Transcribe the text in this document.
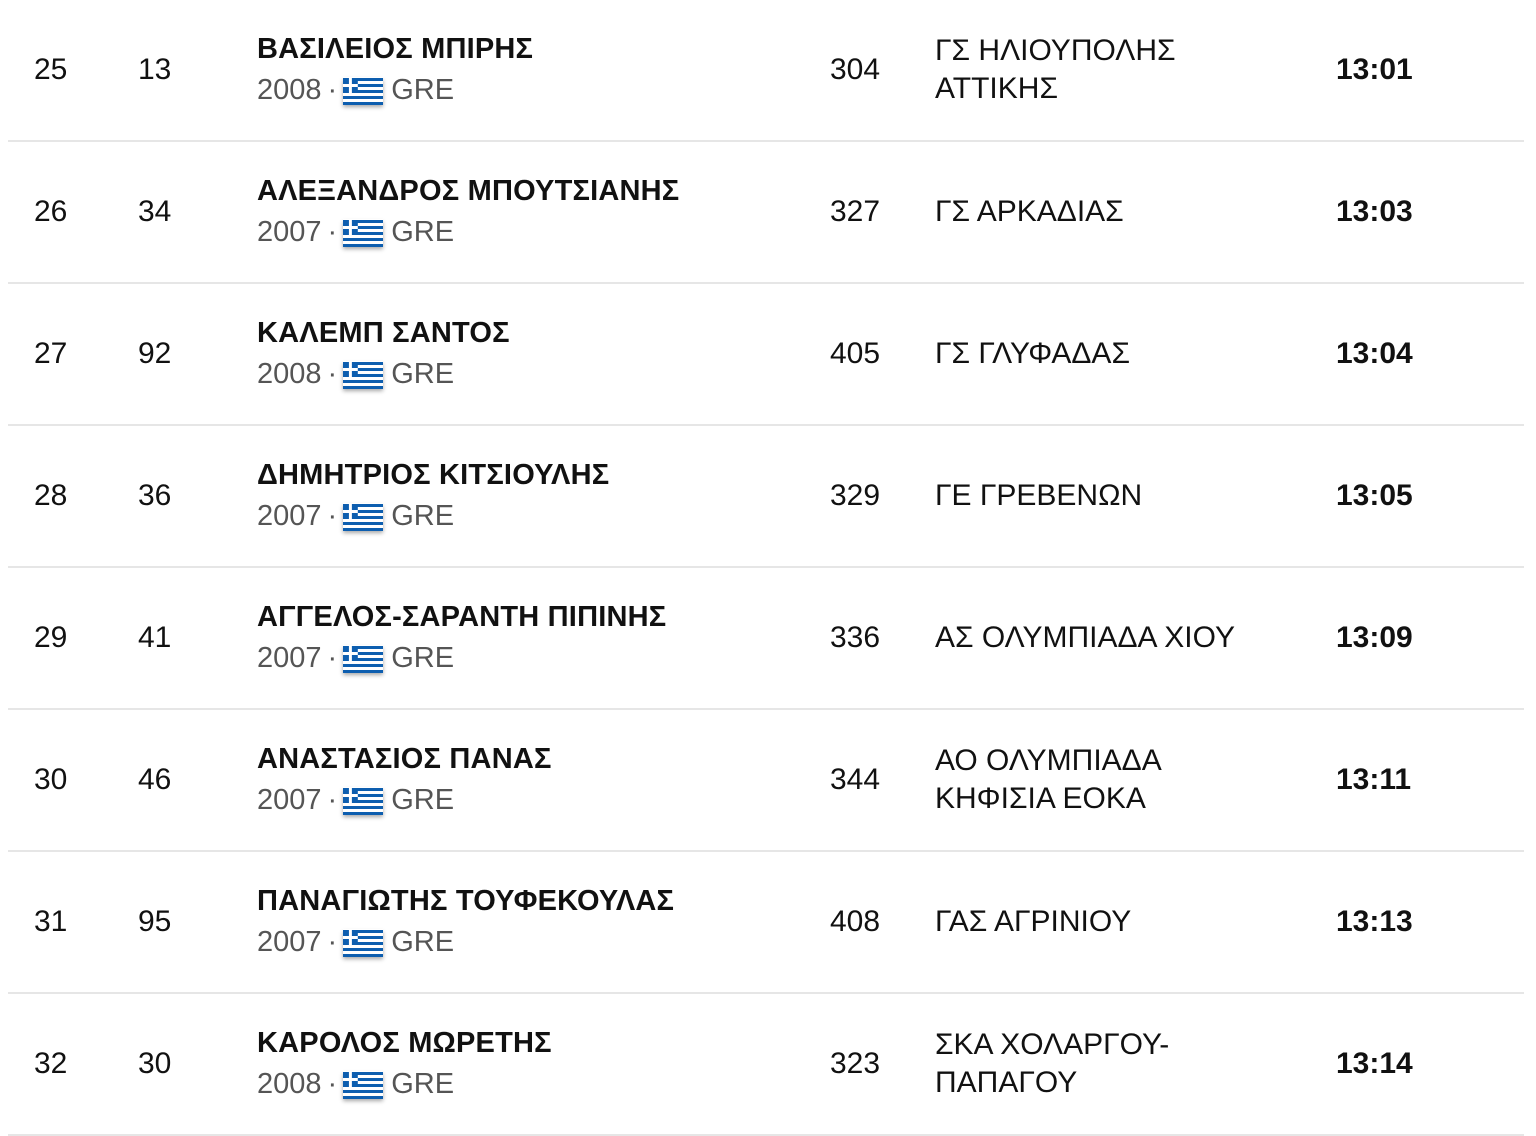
25 13
ΒΑΣΙΛΕΙΟΣ ΜΠΙΡΗΣ
2008 · GRE
304
ΓΣ ΗΛΙΟΥΠΟΛΗΣ ΑΤΤΙΚΗΣ
13:01
26 34
ΑΛΕΞΑΝΔΡΟΣ ΜΠΟΥΤΣΙΑΝΗΣ
2007 · GRE
327 ΓΣ ΑΡΚΑΔΙΑΣ	13:03
27 92
ΚΑΛΕΜΠ ΣΑΝΤΟΣ
2008 · GRE
405 ΓΣ ΓΛΥΦΑΔΑΣ	13:04
28 36
ΔΗΜΗΤΡΙΟΣ ΚΙΤΣΙΟΥΛΗΣ
2007 · GRE
329 ΓΕ ΓΡΕΒΕΝΩΝ	13:05
29 41
ΑΓΓΕΛΟΣ-ΣΑΡΑΝΤΗ ΠΙΠΙΝΗΣ
2007 · GRE
336 ΑΣ ΟΛΥΜΠΙΑΔΑ ΧΙΟΥ	13:09
30 46
ΑΝΑΣΤΑΣΙΟΣ ΠΑΝΑΣ
2007 · GRE
344
ΑΟ ΟΛΥΜΠΙΑΔΑ ΚΗΦΙΣΙΑ ΕΟΚΑ
13:11
31 95
ΠΑΝΑΓΙΩΤΗΣ ΤΟΥΦΕΚΟΥΛΑΣ
2007 · GRE
408 ΓΑΣ ΑΓΡΙΝΙΟΥ	13:13
32 30
ΚΑΡΟΛΟΣ ΜΩΡΕΤΗΣ
2008 · GRE
323
ΣΚΑ ΧΟΛΑΡΓΟΥ-ΠΑΠΑΓΟΥ
13:14
